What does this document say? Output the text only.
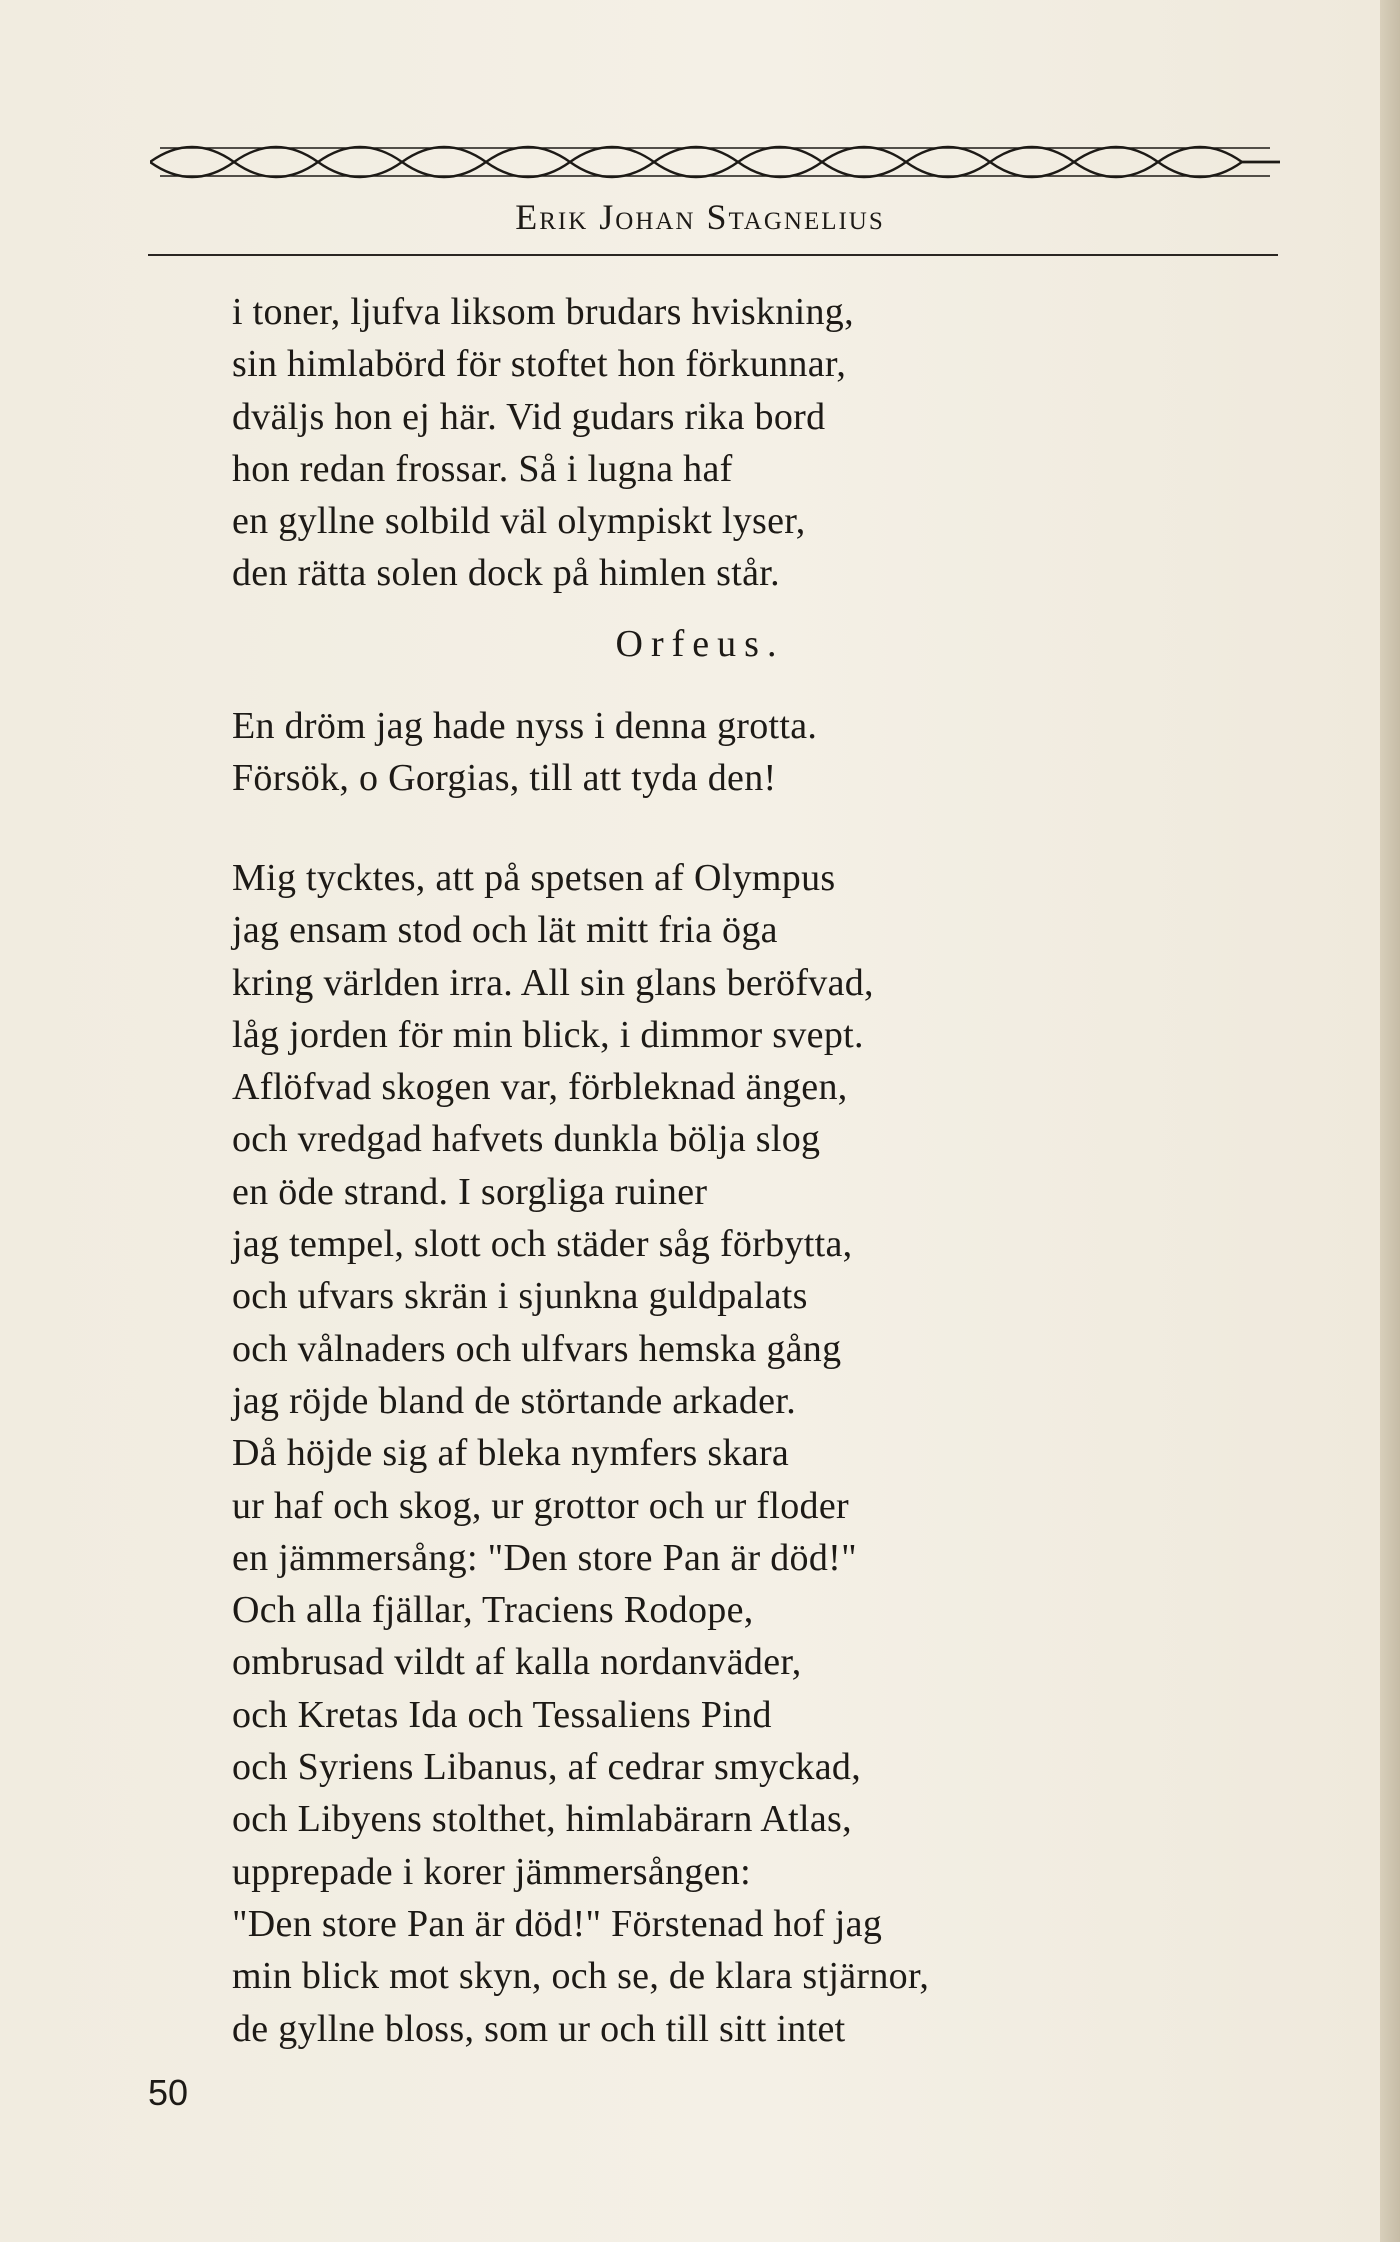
Erik Johan Stagnelius
i toner, ljufva liksom brudars hviskning,
sin himlabörd för stoftet hon förkunnar,
dväljs hon ej här. Vid gudars rika bord
hon redan frossar. Så i lugna haf
en gyllne solbild väl olympiskt lyser,
den rätta solen dock på himlen står.

Orfeus.

En dröm jag hade nyss i denna grotta.
Försök, o Gorgias, till att tyda den!
Mig tycktes, att på spetsen af Olympus
jag ensam stod och lät mitt fria öga
kring världen irra. All sin glans beröfvad,
låg jorden för min blick, i dimmor svept.
Aflöfvad skogen var, förbleknad ängen,
och vredgad hafvets dunkla bölja slog
en öde strand. I sorgliga ruiner
jag tempel, slott och städer såg förbytta,
och ufvars skrän i sjunkna guldpalats
och vålnaders och ulfvars hemska gång
jag röjde bland de störtande arkader.
Då höjde sig af bleka nymfers skara
ur haf och skog, ur grottor och ur floder
en jämmersång: "Den store Pan är död!"
Och alla fjällar, Traciens Rodope,
ombrusad vildt af kalla nordanväder,
och Kretas Ida och Tessaliens Pind
och Syriens Libanus, af cedrar smyckad,
och Libyens stolthet, himlabärarn Atlas,
upprepade i korer jämmersången:
"Den store Pan är död!" Förstenad hof jag
min blick mot skyn, och se, de klara stjärnor,
de gyllne bloss, som ur och till sitt intet
50
